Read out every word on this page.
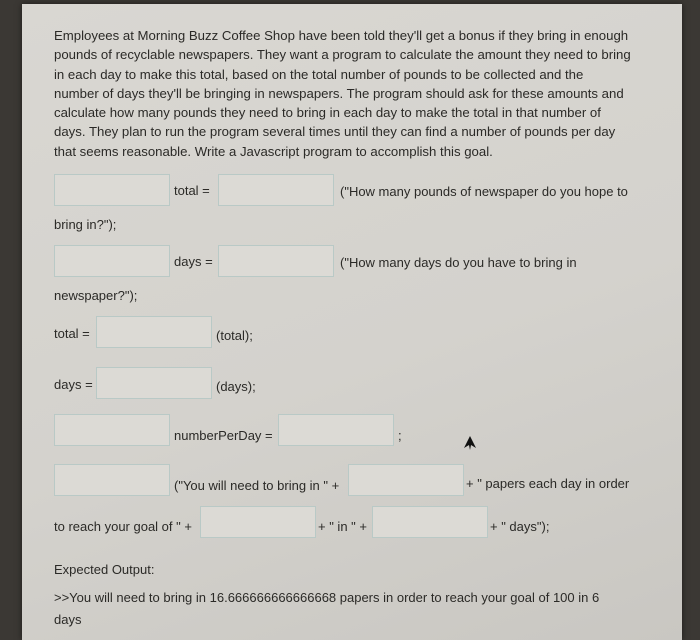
Employees at Morning Buzz Coffee Shop have been told they'll get a bonus if they bring in enough
pounds of recyclable newspapers. They want a program to calculate the amount they need to bring
in each day to make this total, based on the total number of pounds to be collected and the
number of days they'll be bringing in newspapers. The program should ask for these amounts and
calculate how many pounds they need to bring in each day to make the total in that number of
days. They plan to run the program several times until they can find a number of pounds per day
that seems reasonable. Write a Javascript program to accomplish this goal.
total =	("How many pounds of newspaper do you hope to
bring in?");
days =	("How many days do you have to bring in
newspaper?");
total =	(total);
days =	(days);
numberPerDay =	;
("You will need to bring in " +	+ " papers each day in order
to reach your goal of " +	+ " in " +	+ " days");
Expected Output:
>>You will need to bring in 16.666666666666668 papers in order to reach your goal of 100 in 6
days
